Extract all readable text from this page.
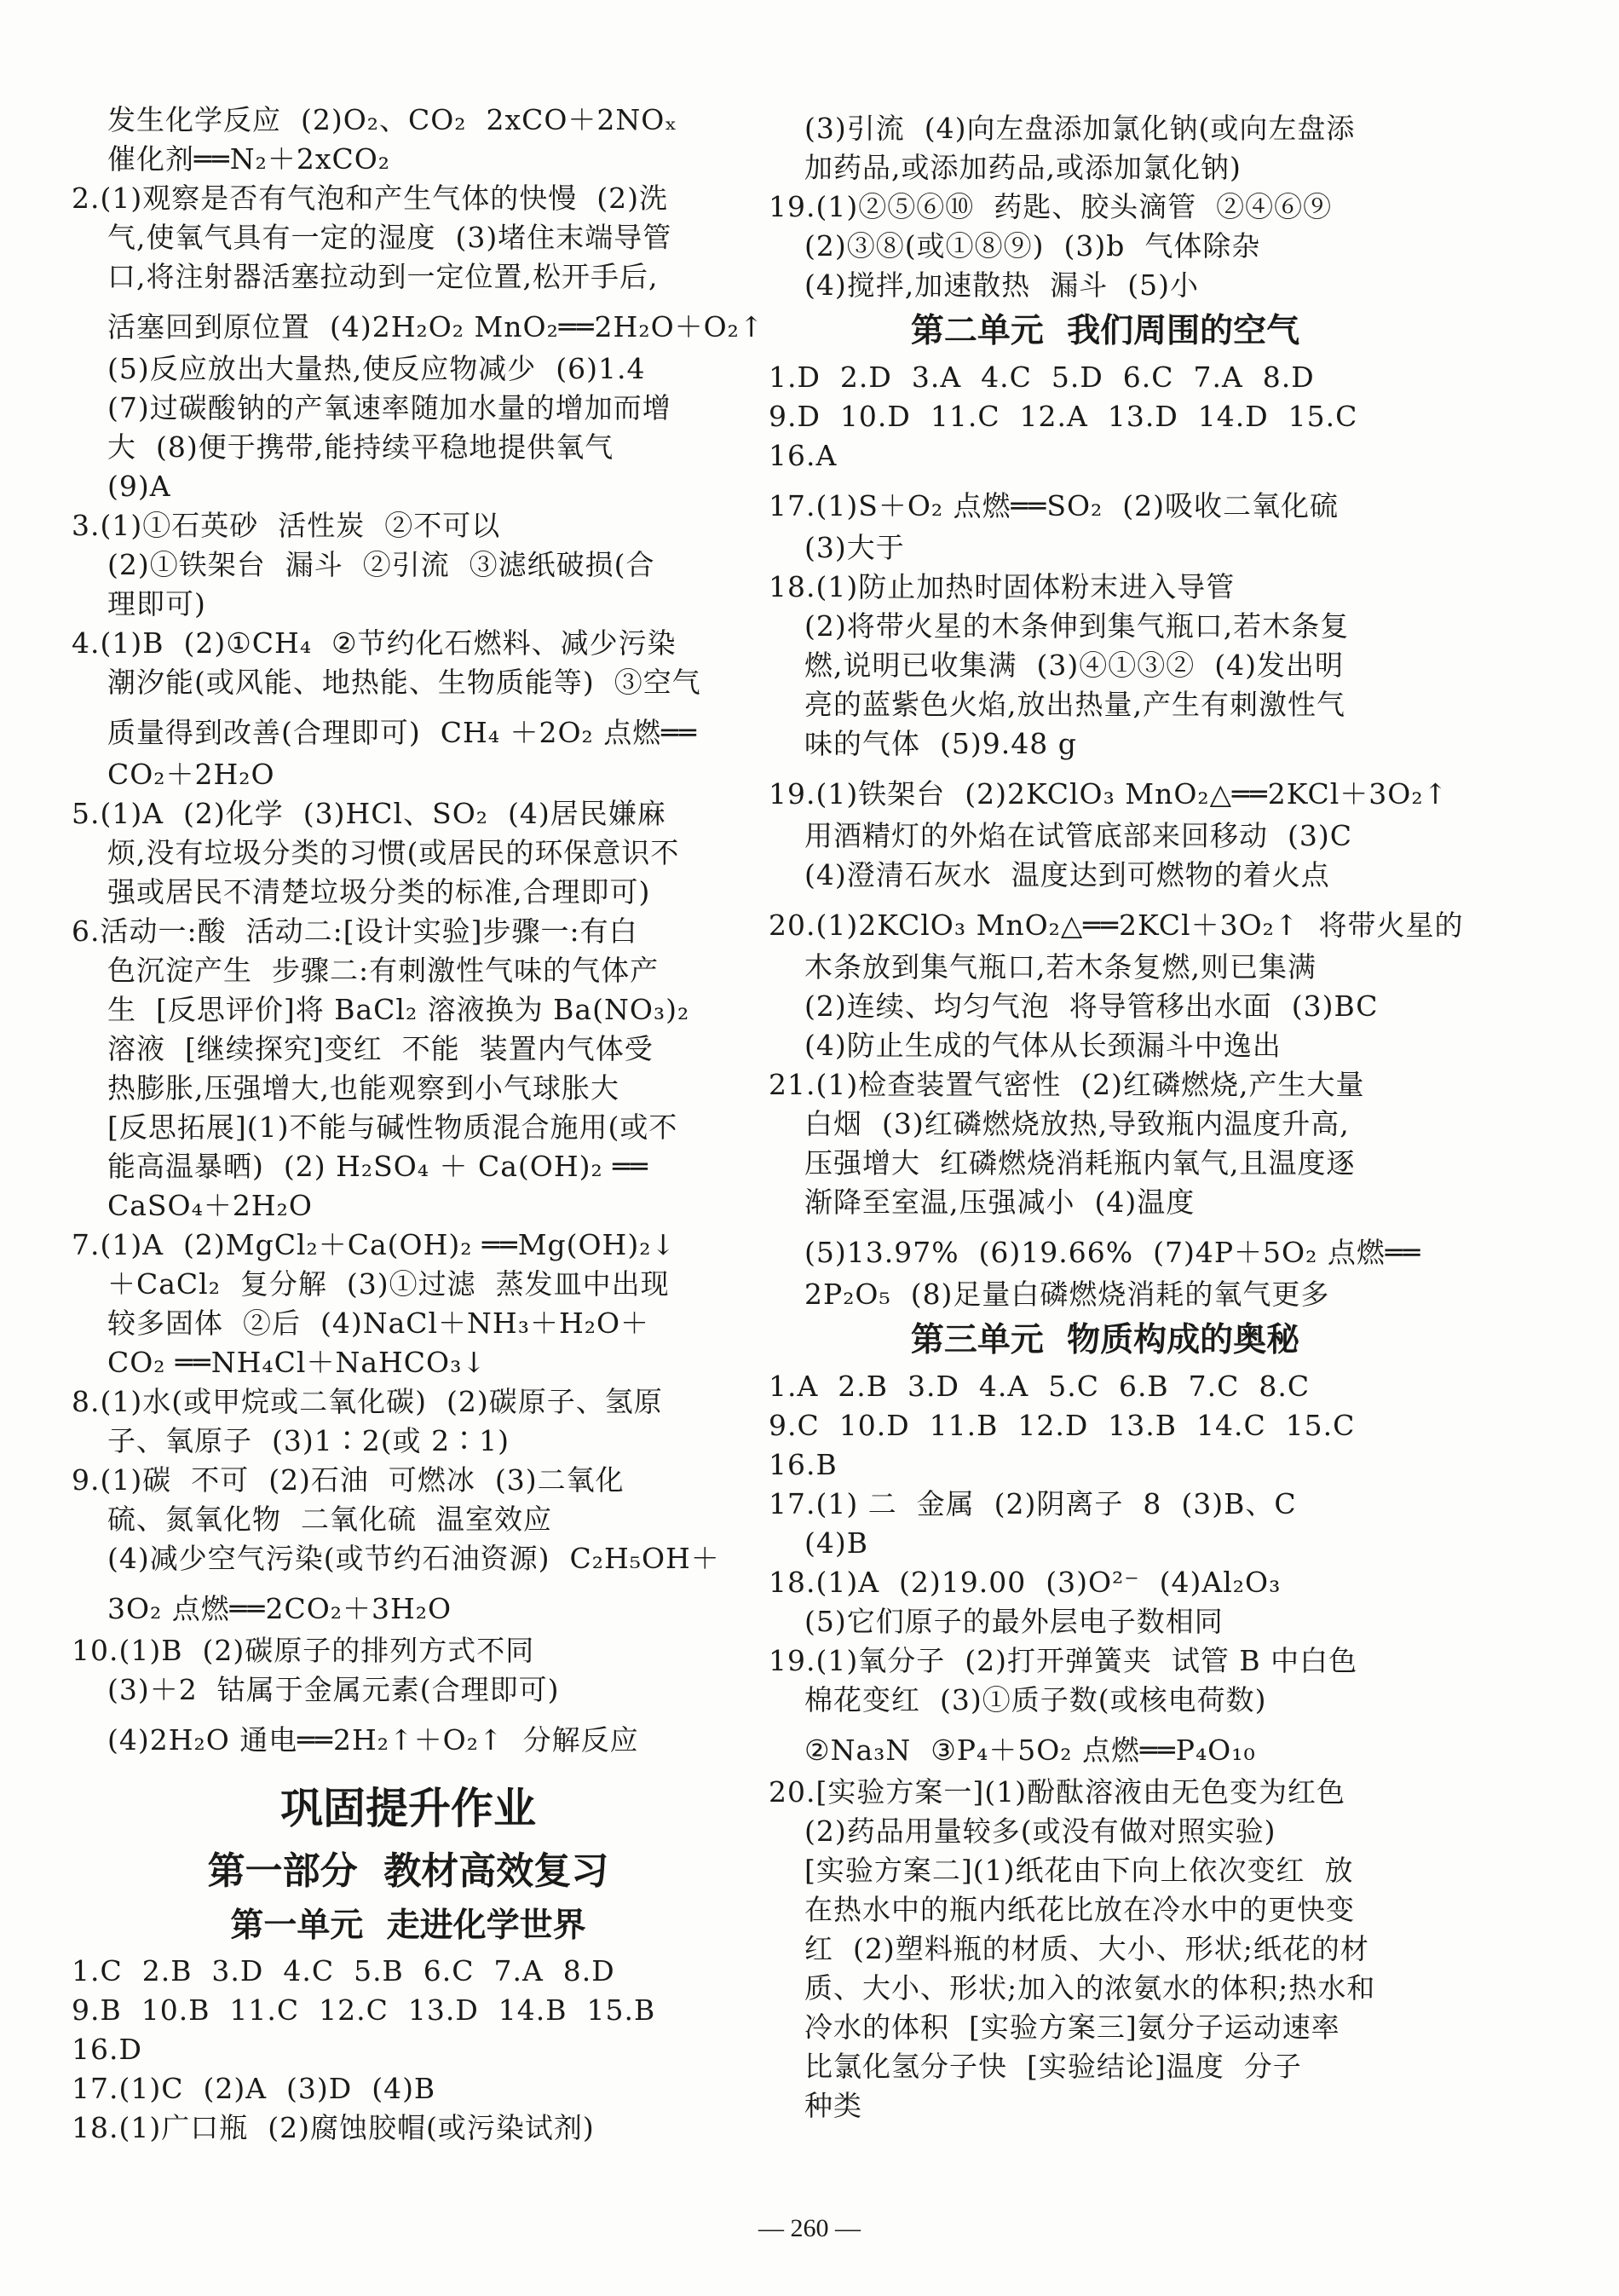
发生化学反应  (2)O₂、CO₂  2xCO＋2NOₓ
催化剂══N₂＋2xCO₂
2.(1)观察是否有气泡和产生气体的快慢  (2)洗
气,使氧气具有一定的湿度  (3)堵住末端导管
口,将注射器活塞拉动到一定位置,松开手后,
活塞回到原位置  (4)2H₂O₂ MnO₂══2H₂O＋O₂↑
(5)反应放出大量热,使反应物减少  (6)1.4
(7)过碳酸钠的产氧速率随加水量的增加而增
大  (8)便于携带,能持续平稳地提供氧气
(9)A
3.(1)①石英砂  活性炭  ②不可以
(2)①铁架台  漏斗  ②引流  ③滤纸破损(合
理即可)
4.(1)B  (2)①CH₄  ②节约化石燃料、减少污染
潮汐能(或风能、地热能、生物质能等)  ③空气
质量得到改善(合理即可)  CH₄ ＋2O₂ 点燃══
CO₂＋2H₂O
5.(1)A  (2)化学  (3)HCl、SO₂  (4)居民嫌麻
烦,没有垃圾分类的习惯(或居民的环保意识不
强或居民不清楚垃圾分类的标准,合理即可)
6.活动一:酸  活动二:[设计实验]步骤一:有白
色沉淀产生  步骤二:有刺激性气味的气体产
生  [反思评价]将 BaCl₂ 溶液换为 Ba(NO₃)₂
溶液  [继续探究]变红  不能  装置内气体受
热膨胀,压强增大,也能观察到小气球胀大
[反思拓展](1)不能与碱性物质混合施用(或不
能高温暴晒)  (2) H₂SO₄ ＋ Ca(OH)₂ ══
CaSO₄＋2H₂O
7.(1)A  (2)MgCl₂＋Ca(OH)₂ ══Mg(OH)₂↓
＋CaCl₂  复分解  (3)①过滤  蒸发皿中出现
较多固体  ②后  (4)NaCl＋NH₃＋H₂O＋
CO₂ ══NH₄Cl＋NaHCO₃↓
8.(1)水(或甲烷或二氧化碳)  (2)碳原子、氢原
子、氧原子  (3)1∶2(或 2∶1)
9.(1)碳  不可  (2)石油  可燃冰  (3)二氧化
硫、氮氧化物  二氧化硫  温室效应
(4)减少空气污染(或节约石油资源)  C₂H₅OH＋
3O₂ 点燃══2CO₂＋3H₂O
10.(1)B  (2)碳原子的排列方式不同
(3)＋2  钴属于金属元素(合理即可)
(4)2H₂O 通电══2H₂↑＋O₂↑  分解反应
巩固提升作业
第一部分  教材高效复习
第一单元  走进化学世界
1.C  2.B  3.D  4.C  5.B  6.C  7.A  8.D
9.B  10.B  11.C  12.C  13.D  14.B  15.B
16.D
17.(1)C  (2)A  (3)D  (4)B
18.(1)广口瓶  (2)腐蚀胶帽(或污染试剂)
(3)引流  (4)向左盘添加氯化钠(或向左盘添
加药品,或添加药品,或添加氯化钠)
19.(1)②⑤⑥⑩  药匙、胶头滴管  ②④⑥⑨
(2)③⑧(或①⑧⑨)  (3)b  气体除杂
(4)搅拌,加速散热  漏斗  (5)小
第二单元  我们周围的空气
1.D  2.D  3.A  4.C  5.D  6.C  7.A  8.D
9.D  10.D  11.C  12.A  13.D  14.D  15.C
16.A
17.(1)S＋O₂ 点燃══SO₂  (2)吸收二氧化硫
(3)大于
18.(1)防止加热时固体粉末进入导管
(2)将带火星的木条伸到集气瓶口,若木条复
燃,说明已收集满  (3)④①③②  (4)发出明
亮的蓝紫色火焰,放出热量,产生有刺激性气
味的气体  (5)9.48 g
19.(1)铁架台  (2)2KClO₃ MnO₂△══2KCl＋3O₂↑
用酒精灯的外焰在试管底部来回移动  (3)C
(4)澄清石灰水  温度达到可燃物的着火点
20.(1)2KClO₃ MnO₂△══2KCl＋3O₂↑  将带火星的
木条放到集气瓶口,若木条复燃,则已集满
(2)连续、均匀气泡  将导管移出水面  (3)BC
(4)防止生成的气体从长颈漏斗中逸出
21.(1)检查装置气密性  (2)红磷燃烧,产生大量
白烟  (3)红磷燃烧放热,导致瓶内温度升高,
压强增大  红磷燃烧消耗瓶内氧气,且温度逐
渐降至室温,压强减小  (4)温度
(5)13.97%  (6)19.66%  (7)4P＋5O₂ 点燃══
2P₂O₅  (8)足量白磷燃烧消耗的氧气更多
第三单元  物质构成的奥秘
1.A  2.B  3.D  4.A  5.C  6.B  7.C  8.C
9.C  10.D  11.B  12.D  13.B  14.C  15.C
16.B
17.(1) 二  金属  (2)阴离子  8  (3)B、C
(4)B
18.(1)A  (2)19.00  (3)O²⁻  (4)Al₂O₃
(5)它们原子的最外层电子数相同
19.(1)氧分子  (2)打开弹簧夹  试管 B 中白色
棉花变红  (3)①质子数(或核电荷数)
②Na₃N  ③P₄＋5O₂ 点燃══P₄O₁₀
20.[实验方案一](1)酚酞溶液由无色变为红色
(2)药品用量较多(或没有做对照实验)
[实验方案二](1)纸花由下向上依次变红  放
在热水中的瓶内纸花比放在冷水中的更快变
红  (2)塑料瓶的材质、大小、形状;纸花的材
质、大小、形状;加入的浓氨水的体积;热水和
冷水的体积  [实验方案三]氨分子运动速率
比氯化氢分子快  [实验结论]温度  分子
种类
— 260 —
